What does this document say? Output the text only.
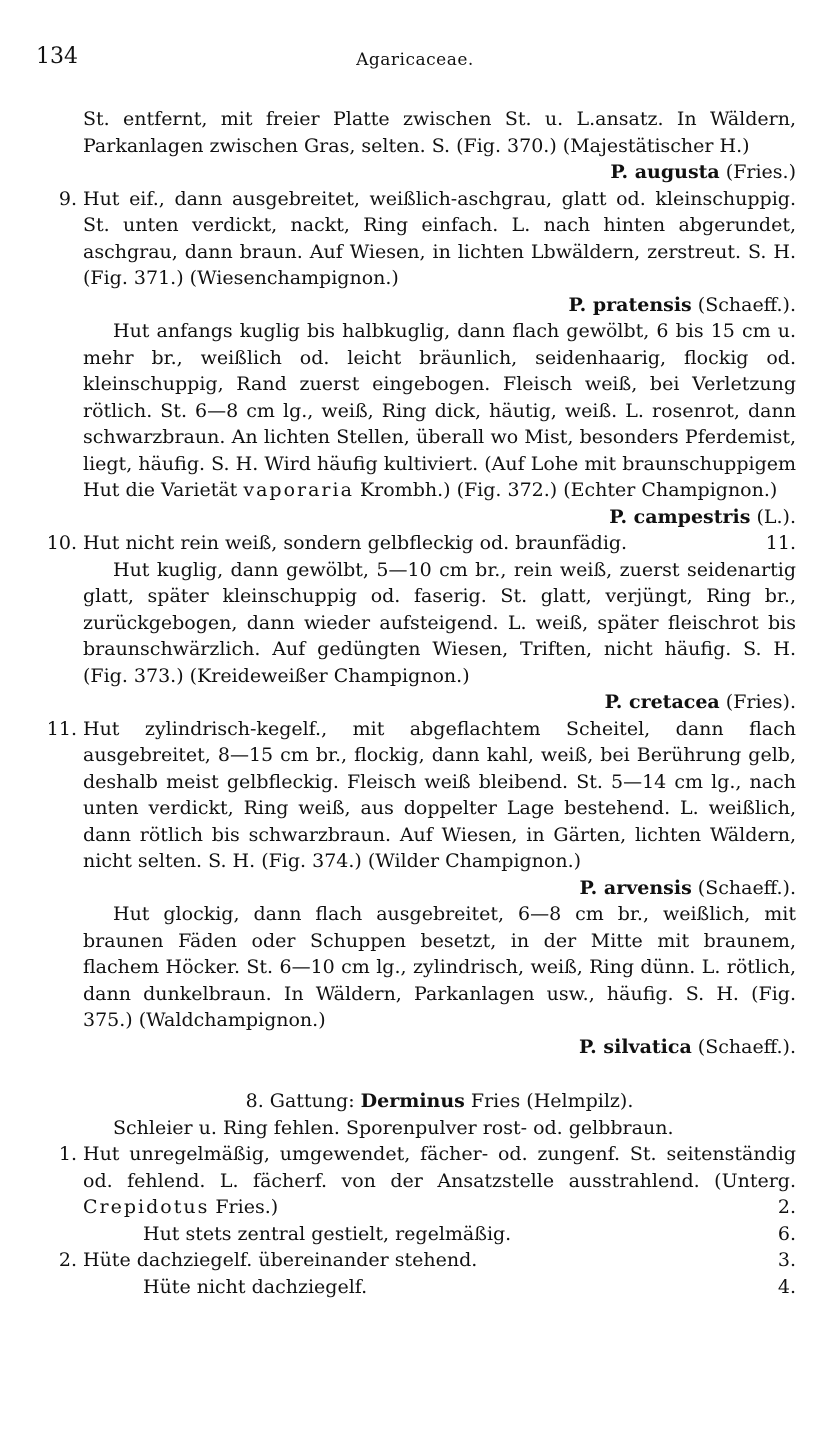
134	Agaricaceae.

St. entfernt, mit freier Platte zwischen St. u. L.ansatz. In Wäldern, Parkanlagen zwischen Gras, selten. S. (Fig. 370.) (Majestätischer H.)
P. augusta (Fries.)

9. Hut eif., dann ausgebreitet, weißlich-aschgrau, glatt od. kleinschuppig. St. unten verdickt, nackt, Ring einfach. L. nach hinten abgerundet, aschgrau, dann braun. Auf Wiesen, in lichten Lbwäldern, zerstreut. S. H. (Fig. 371.) (Wiesenchampignon.)
P. pratensis (Schaeff.).

Hut anfangs kuglig bis halbkuglig, dann flach gewölbt, 6 bis 15 cm u. mehr br., weißlich od. leicht bräunlich, seidenhaarig, flockig od. kleinschuppig, Rand zuerst eingebogen. Fleisch weiß, bei Verletzung rötlich. St. 6—8 cm lg., weiß, Ring dick, häutig, weiß. L. rosenrot, dann schwarzbraun. An lichten Stellen, überall wo Mist, besonders Pferdemist, liegt, häufig. S. H. Wird häufig kultiviert. (Auf Lohe mit braunschuppigem Hut die Varietät vaporaria Krombh.) (Fig. 372.) (Echter Champignon.)
P. campestris (L.).

10. Hut nicht rein weiß, sondern gelbfleckig od. braunfädig.	11.

Hut kuglig, dann gewölbt, 5—10 cm br., rein weiß, zuerst seidenartig glatt, später kleinschuppig od. faserig. St. glatt, verjüngt, Ring br., zurückgebogen, dann wieder aufsteigend. L. weiß, später fleischrot bis braunschwärzlich. Auf gedüngten Wiesen, Triften, nicht häufig. S. H. (Fig. 373.) (Kreideweißer Champignon.)
P. cretacea (Fries).

11. Hut zylindrisch-kegelf., mit abgeflachtem Scheitel, dann flach ausgebreitet, 8—15 cm br., flockig, dann kahl, weiß, bei Berührung gelb, deshalb meist gelbfleckig. Fleisch weiß bleibend. St. 5—14 cm lg., nach unten verdickt, Ring weiß, aus doppelter Lage bestehend. L. weißlich, dann rötlich bis schwarzbraun. Auf Wiesen, in Gärten, lichten Wäldern, nicht selten. S. H. (Fig. 374.) (Wilder Champignon.)
P. arvensis (Schaeff.).

Hut glockig, dann flach ausgebreitet, 6—8 cm br., weißlich, mit braunen Fäden oder Schuppen besetzt, in der Mitte mit braunem, flachem Höcker. St. 6—10 cm lg., zylindrisch, weiß, Ring dünn. L. rötlich, dann dunkelbraun. In Wäldern, Parkanlagen usw., häufig. S. H. (Fig. 375.) (Waldchampignon.)
P. silvatica (Schaeff.).

8. Gattung: Derminus Fries (Helmpilz).

Schleier u. Ring fehlen. Sporenpulver rost- od. gelbbraun.

1. Hut unregelmäßig, umgewendet, fächer- od. zungenf. St. seitenständig od. fehlend. L. fächerf. von der Ansatzstelle ausstrahlend. (Unterg. Crepidotus Fries.)	2.

Hut stets zentral gestielt, regelmäßig.	6.

2. Hüte dachziegelf. übereinander stehend.	3.

Hüte nicht dachziegelf.	4.
